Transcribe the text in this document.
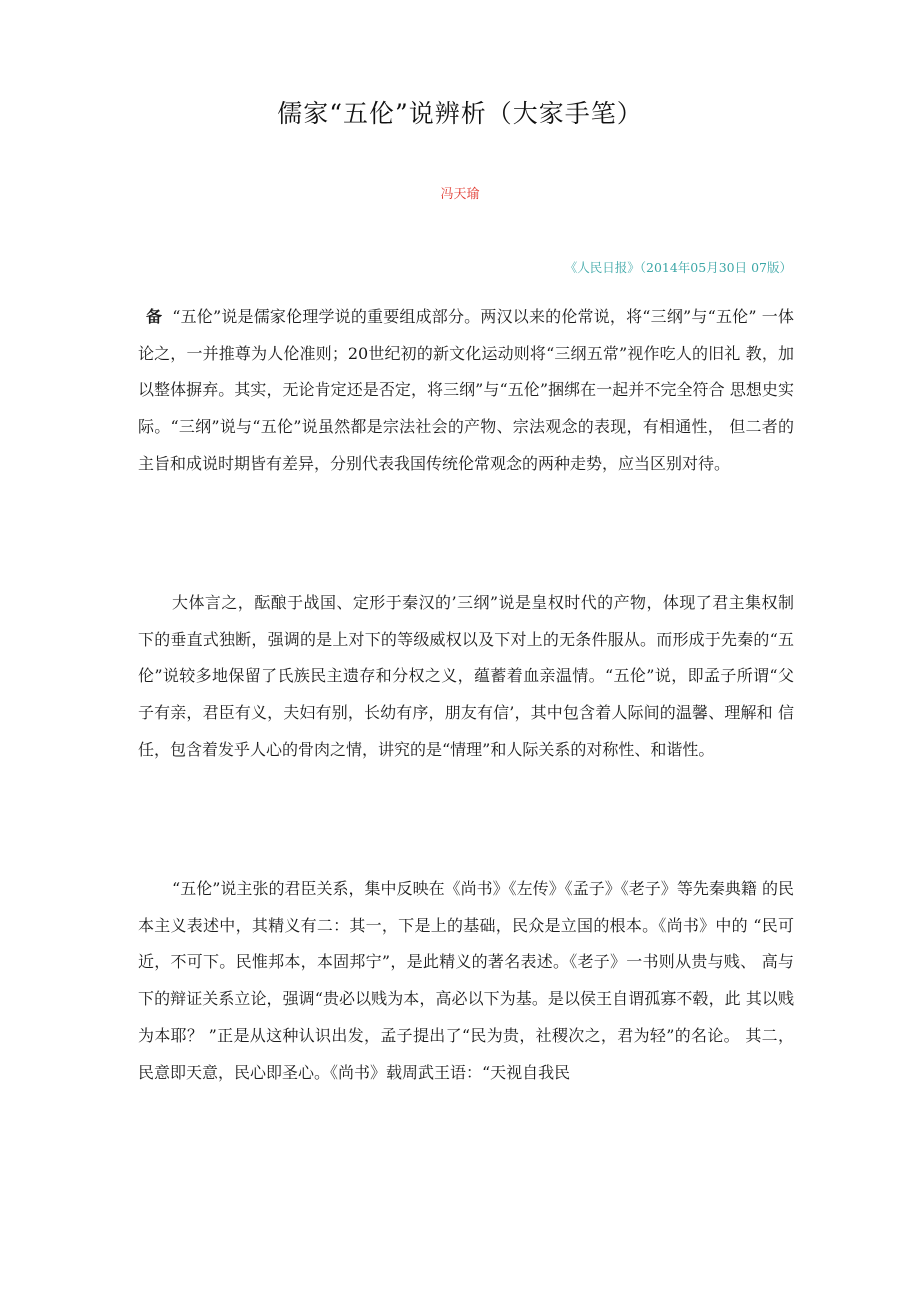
儒家“五伦”说辨析（大家手笔）
冯天瑜
《人民日报》（2014年05月30日 07版）

备 “五伦”说是儒家伦理学说的重要组成部分。两汉以来的伦常说，将“三纲”与“五伦” 一体论之，一并推尊为人伦准则；20世纪初的新文化运动则将“三纲五常”视作吃人的旧礼 教，加以整体摒弃。其实，无论肯定还是否定，将三纲”与“五伦”捆绑在一起并不完全符合 思想史实际。“三纲”说与“五伦”说虽然都是宗法社会的产物、宗法观念的表现，有相通性， 但二者的主旨和成说时期皆有差异，分别代表我国传统伦常观念的两种走势，应当区别对待。

大体言之，酝酿于战国、定形于秦汉的’三纲”说是皇权时代的产物，体现了君主集权制 下的垂直式独断，强调的是上对下的等级威权以及下对上的无条件服从。而形成于先秦的“五 伦”说较多地保留了氏族民主遗存和分权之义，蕴蓄着血亲温情。“五伦”说，即孟子所谓“父 子有亲，君臣有义，夫妇有别，长幼有序，朋友有信’，其中包含着人际间的温馨、理解和 信任，包含着发乎人心的骨肉之情，讲究的是“情理”和人际关系的对称性、和谐性。

“五伦”说主张的君臣关系，集中反映在《尚书》《左传》《孟子》《老子》等先秦典籍 的民本主义表述中，其精义有二：其一，下是上的基础，民众是立国的根本。《尚书》中的 “民可近，不可下。民惟邦本，本固邦宁”，是此精义的著名表述。《老子》一书则从贵与贱、 高与下的辩证关系立论，强调“贵必以贱为本，高必以下为基。是以侯王自谓孤寡不毂，此 其以贱为本耶？ ”正是从这种认识出发，孟子提出了“民为贵，社稷次之，君为轻”的名论。 其二，民意即天意，民心即圣心。《尚书》载周武王语：“天视自我民
